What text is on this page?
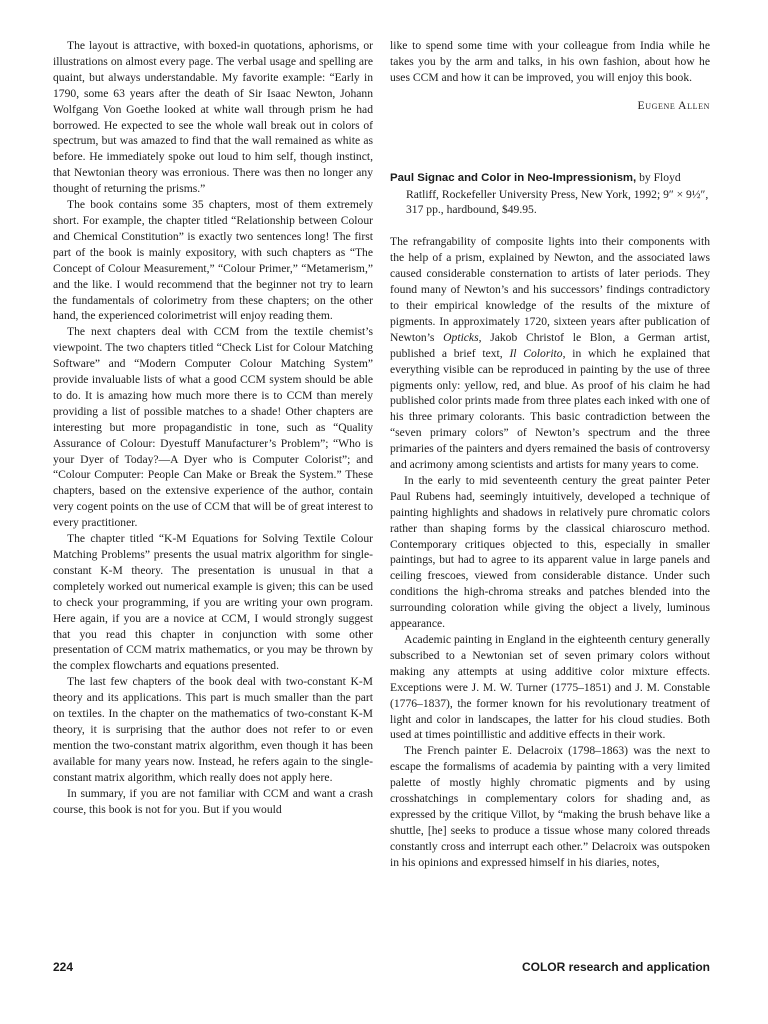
The layout is attractive, with boxed-in quotations, aphorisms, or illustrations on almost every page. The verbal usage and spelling are quaint, but always understandable. My favorite example: “Early in 1790, some 63 years after the death of Sir Isaac Newton, Johann Wolfgang Von Goethe looked at white wall through prism he had borrowed. He expected to see the whole wall break out in colors of spectrum, but was amazed to find that the wall remained as white as before. He immediately spoke out loud to him self, though instinct, that Newtonian theory was erronious. There was then no longer any thought of returning the prisms.”

The book contains some 35 chapters, most of them extremely short. For example, the chapter titled “Relationship between Colour and Chemical Constitution” is exactly two sentences long! The first part of the book is mainly expository, with such chapters as “The Concept of Colour Measurement,” “Colour Primer,” “Metamerism,” and the like. I would recommend that the beginner not try to learn the fundamentals of colorimetry from these chapters; on the other hand, the experienced colorimetrist will enjoy reading them.

The next chapters deal with CCM from the textile chemist’s viewpoint. The two chapters titled “Check List for Colour Matching Software” and “Modern Computer Colour Matching System” provide invaluable lists of what a good CCM system should be able to do. It is amazing how much more there is to CCM than merely providing a list of possible matches to a shade! Other chapters are interesting but more propagandistic in tone, such as “Quality Assurance of Colour: Dyestuff Manufacturer’s Problem”; “Who is your Dyer of Today?—A Dyer who is Computer Colorist”; and “Colour Computer: People Can Make or Break the System.” These chapters, based on the extensive experience of the author, contain very cogent points on the use of CCM that will be of great interest to every practitioner.

The chapter titled “K-M Equations for Solving Textile Colour Matching Problems” presents the usual matrix algorithm for single-constant K-M theory. The presentation is unusual in that a completely worked out numerical example is given; this can be used to check your programming, if you are writing your own program. Here again, if you are a novice at CCM, I would strongly suggest that you read this chapter in conjunction with some other presentation of CCM matrix mathematics, or you may be thrown by the complex flowcharts and equations presented.

The last few chapters of the book deal with two-constant K-M theory and its applications. This part is much smaller than the part on textiles. In the chapter on the mathematics of two-constant K-M theory, it is surprising that the author does not refer to or even mention the two-constant matrix algorithm, even though it has been available for many years now. Instead, he refers again to the single-constant matrix algorithm, which really does not apply here.

In summary, if you are not familiar with CCM and want a crash course, this book is not for you. But if you would

like to spend some time with your colleague from India while he takes you by the arm and talks, in his own fashion, about how he uses CCM and how it can be improved, you will enjoy this book.

Eugene Allen
Paul Signac and Color in Neo-Impressionism, by Floyd Ratliff, Rockefeller University Press, New York, 1992; 9″ × 9½″, 317 pp., hardbound, $49.95.

The refrangability of composite lights into their components with the help of a prism, explained by Newton, and the associated laws caused considerable consternation to artists of later periods. They found many of Newton’s and his successors’ findings contradictory to their empirical knowledge of the results of the mixture of pigments. In approximately 1720, sixteen years after publication of Newton’s Opticks, Jakob Christof le Blon, a German artist, published a brief text, Il Colorito, in which he explained that everything visible can be reproduced in painting by the use of three pigments only: yellow, red, and blue. As proof of his claim he had published color prints made from three plates each inked with one of his three primary colorants. This basic contradiction between the “seven primary colors” of Newton’s spectrum and the three primaries of the painters and dyers remained the basis of controversy and acrimony among scientists and artists for many years to come.

In the early to mid seventeenth century the great painter Peter Paul Rubens had, seemingly intuitively, developed a technique of painting highlights and shadows in relatively pure chromatic colors rather than shaping forms by the classical chiaroscuro method. Contemporary critiques objected to this, especially in smaller paintings, but had to agree to its apparent value in large panels and ceiling frescoes, viewed from considerable distance. Under such conditions the high-chroma streaks and patches blended into the surrounding coloration while giving the object a lively, luminous appearance.

Academic painting in England in the eighteenth century generally subscribed to a Newtonian set of seven primary colors without making any attempts at using additive color mixture effects. Exceptions were J. M. W. Turner (1775–1851) and J. M. Constable (1776–1837), the former known for his revolutionary treatment of light and color in landscapes, the latter for his cloud studies. Both used at times pointillistic and additive effects in their work.

The French painter E. Delacroix (1798–1863) was the next to escape the formalisms of academia by painting with a very limited palette of mostly highly chromatic pigments and by using crosshatchings in complementary colors for shading and, as expressed by the critique Villot, by “making the brush behave like a shuttle, [he] seeks to produce a tissue whose many colored threads constantly cross and interrupt each other.” Delacroix was outspoken in his opinions and expressed himself in his diaries, notes,

224	COLOR research and application
